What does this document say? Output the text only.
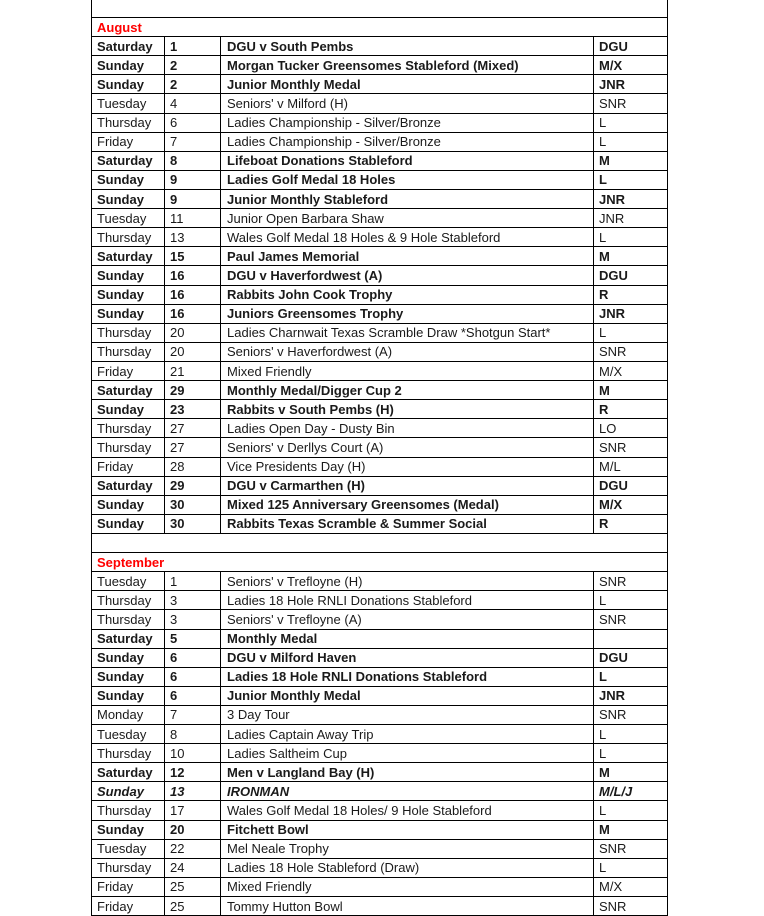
August
Saturday	1	DGU v South Pembs	DGU
Sunday	2	Morgan Tucker Greensomes Stableford (Mixed)	M/X
Sunday	2	Junior Monthly Medal	JNR
Tuesday	4	Seniors' v Milford (H)	SNR
Thursday	6	Ladies Championship - Silver/Bronze	L
Friday	7	Ladies Championship - Silver/Bronze	L
Saturday	8	Lifeboat Donations Stableford	M
Sunday	9	Ladies Golf Medal 18 Holes	L
Sunday	9	Junior Monthly Stableford	JNR
Tuesday	11	Junior Open Barbara Shaw	JNR
Thursday	13	Wales Golf Medal 18 Holes & 9 Hole Stableford	L
Saturday	15	Paul James Memorial	M
Sunday	16	DGU v Haverfordwest (A)	DGU
Sunday	16	Rabbits John Cook Trophy	R
Sunday	16	Juniors Greensomes Trophy	JNR
Thursday	20	Ladies Charnwait Texas Scramble Draw *Shotgun Start*	L
Thursday	20	Seniors' v Haverfordwest (A)	SNR
Friday	21	Mixed Friendly	M/X
Saturday	29	Monthly Medal/Digger Cup 2	M
Sunday	23	Rabbits v South Pembs (H)	R
Thursday	27	Ladies Open Day - Dusty Bin	LO
Thursday	27	Seniors' v Derllys Court (A)	SNR
Friday	28	Vice Presidents Day (H)	M/L
Saturday	29	DGU v Carmarthen (H)	DGU
Sunday	30	Mixed 125 Anniversary Greensomes (Medal)	M/X
Sunday	30	Rabbits Texas Scramble & Summer Social	R
September
Tuesday	1	Seniors' v Trefloyne (H)	SNR
Thursday	3	Ladies 18 Hole RNLI Donations Stableford	L
Thursday	3	Seniors' v Trefloyne (A)	SNR
Saturday	5	Monthly Medal
Sunday	6	DGU v Milford Haven	DGU
Sunday	6	Ladies 18 Hole RNLI Donations Stableford	L
Sunday	6	Junior Monthly Medal	JNR
Monday	7	3 Day Tour	SNR
Tuesday	8	Ladies Captain Away Trip	L
Thursday	10	Ladies Saltheim Cup	L
Saturday	12	Men v Langland Bay (H)	M
Sunday	13	IRONMAN	M/L/J
Thursday	17	Wales Golf Medal 18 Holes/ 9 Hole Stableford	L
Sunday	20	Fitchett Bowl	M
Tuesday	22	Mel Neale Trophy	SNR
Thursday	24	Ladies 18 Hole Stableford (Draw)	L
Friday	25	Mixed Friendly	M/X
Friday	25	Tommy Hutton Bowl	SNR
